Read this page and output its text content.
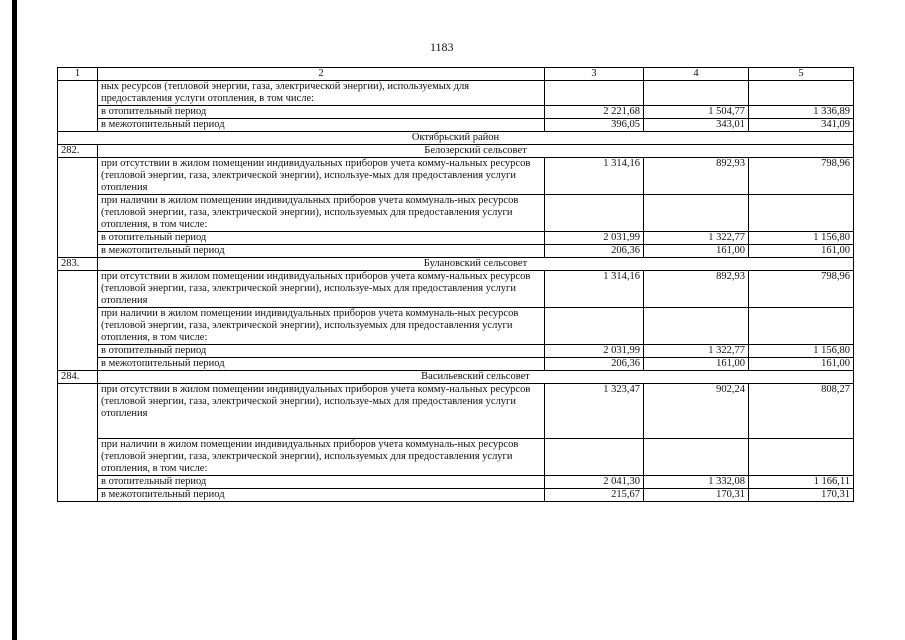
1183
1	2	3	4	5
	ных ресурсов (тепловой энергии, газа, электрической энергии), используемых для предоставления услуги отопления, в том числе:			
	в отопительный период	2 221,68	1 504,77	1 336,89
	в межотопительный период	396,05	343,01	341,09
Октябрьский район				
282.	Белозерский сельсовет			
	при отсутствии в жилом помещении индивидуальных приборов учета комму-нальных ресурсов (тепловой энергии, газа, электрической энергии), используе-мых для предоставления услуги отопления	1 314,16	892,93	798,96
	при наличии в жилом помещении индивидуальных приборов учета коммуналь-ных ресурсов (тепловой энергии, газа, электрической энергии), используемых для предоставления услуги отопления, в том числе:			
	в отопительный период	2 031,99	1 322,77	1 156,80
	в межотопительный период	206,36	161,00	161,00
283.	Булановский сельсовет			
	при отсутствии в жилом помещении индивидуальных приборов учета комму-нальных ресурсов (тепловой энергии, газа, электрической энергии), используе-мых для предоставления услуги отопления	1 314,16	892,93	798,96
	при наличии в жилом помещении индивидуальных приборов учета коммуналь-ных ресурсов (тепловой энергии, газа, электрической энергии), используемых для предоставления услуги отопления, в том числе:			
	в отопительный период	2 031,99	1 322,77	1 156,80
	в межотопительный период	206,36	161,00	161,00
284.	Васильевский сельсовет			
	при отсутствии в жилом помещении индивидуальных приборов учета комму-нальных ресурсов (тепловой энергии, газа, электрической энергии), используе-мых для предоставления услуги отопления	1 323,47	902,24	808,27
	при наличии в жилом помещении индивидуальных приборов учета коммуналь-ных ресурсов (тепловой энергии, газа, электрической энергии), используемых для предоставления услуги отопления, в том числе:			
	в отопительный период	2 041,30	1 332,08	1 166,11
	в межотопительный период	215,67	170,31	170,31
